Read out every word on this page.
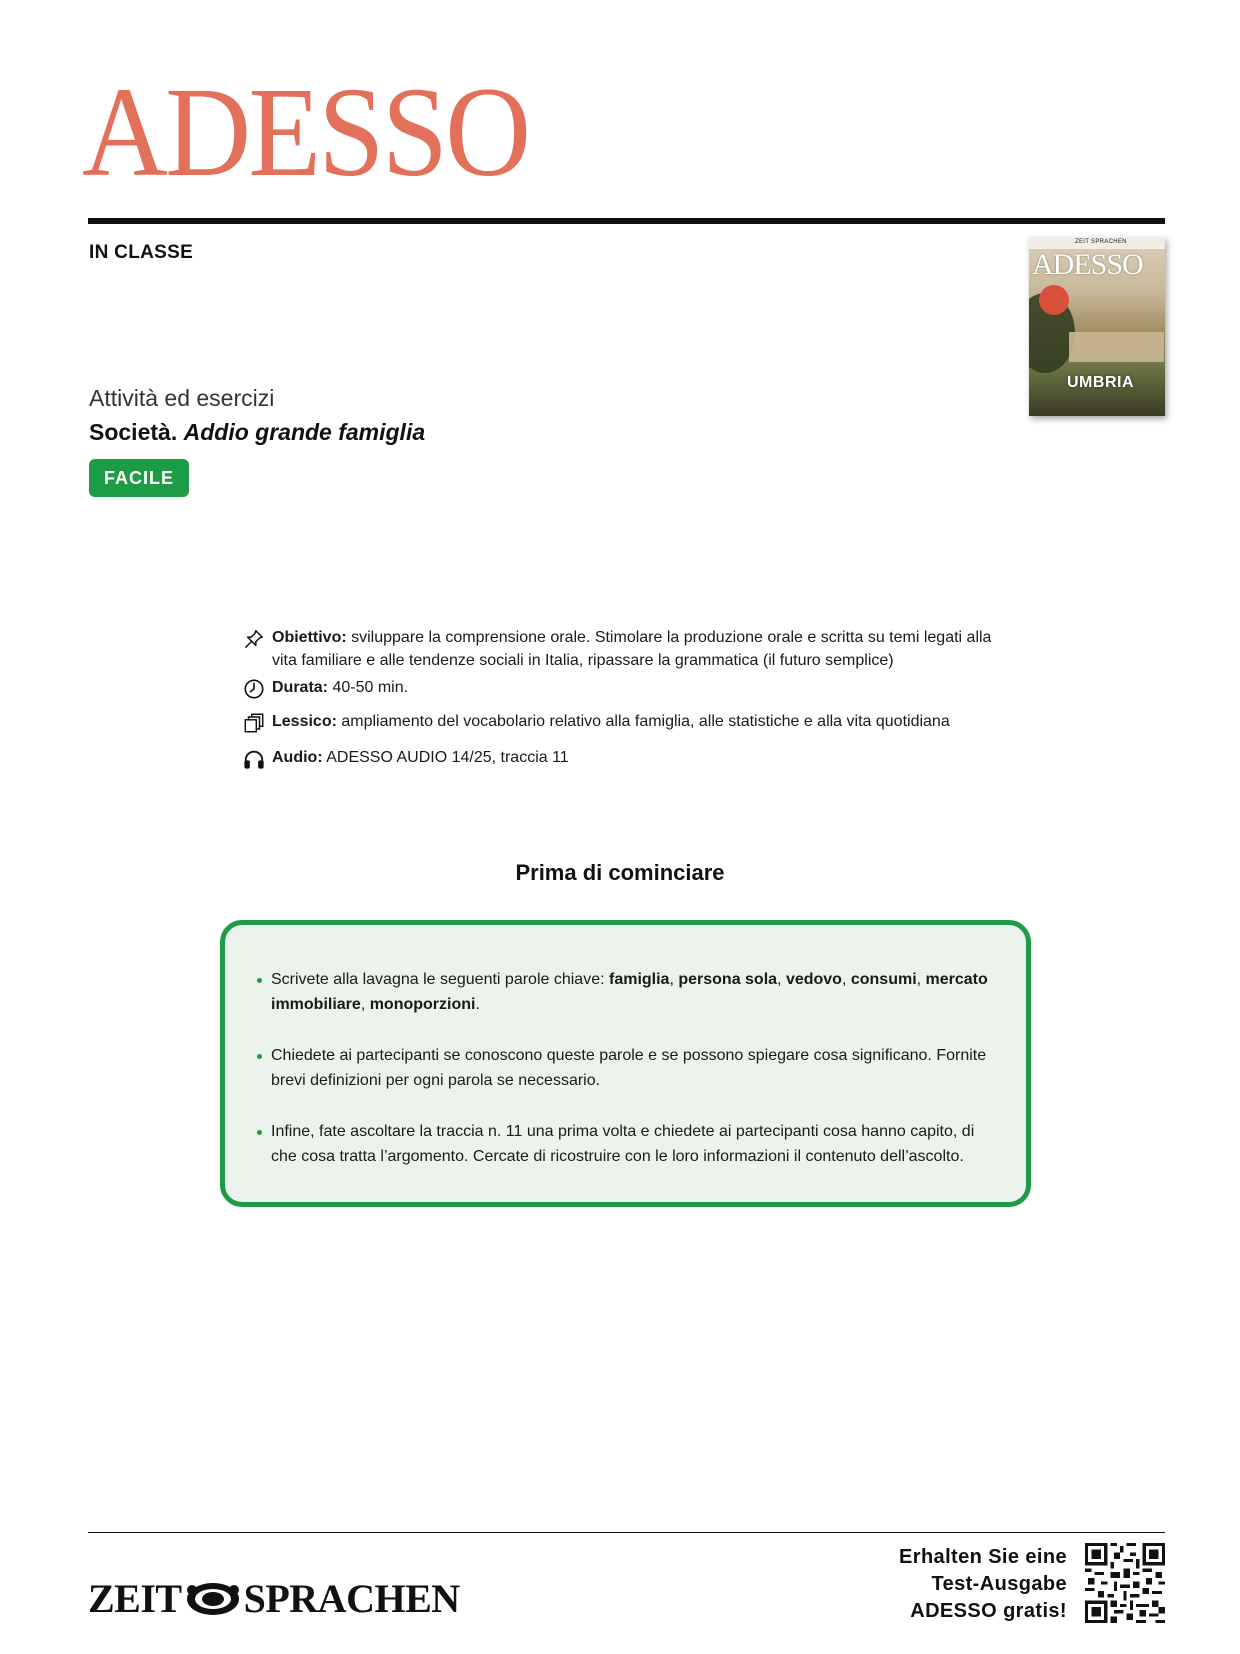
ADESSO
IN CLASSE	ZEIT SPRACHEN
ADESSO
UMBRIA
Attività ed esercizi
Società. Addio grande famiglia
FACILE
Obiettivo: sviluppare la comprensione orale. Stimolare la produzione orale e scritta su temi legati alla vita familiare e alle tendenze sociali in Italia, ripassare la grammatica (il futuro semplice)
Durata: 40-50 min.
Lessico: ampliamento del vocabolario relativo alla famiglia, alle statistiche e alla vita quotidiana
Audio: ADESSO AUDIO 14/25, traccia 11
Prima di cominciare
Scrivete alla lavagna le seguenti parole chiave: famiglia, persona sola, vedovo, consumi, mercato immobiliare, monoporzioni.
Chiedete ai partecipanti se conoscono queste parole e se possono spiegare cosa significano. Fornite brevi definizioni per ogni parola se necessario.
Infine, fate ascoltare la traccia n. 11 una prima volta e chiedete ai partecipanti cosa hanno capito, di che cosa tratta l’argomento. Cercate di ricostruire con le loro informazioni il contenuto dell’ascolto.
ZEIT SPRACHEN
Erhalten Sie eine
Test-Ausgabe
ADESSO gratis!
